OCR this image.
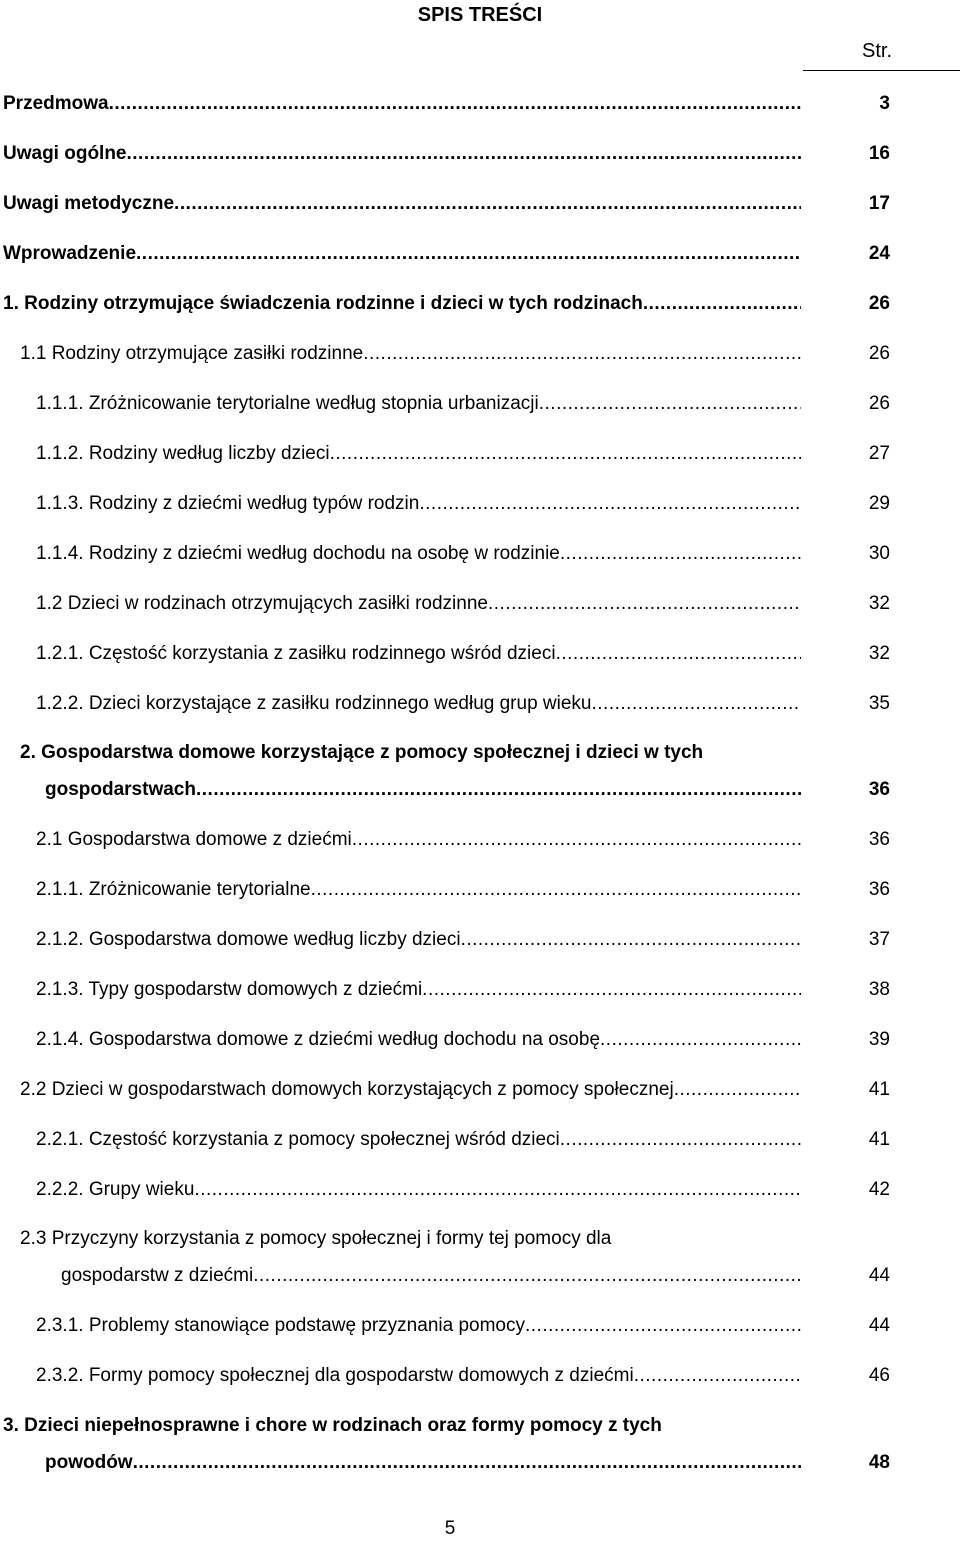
SPIS TREŚCI
Str.
Przedmowa .....	3
Uwagi ogólne .....	16
Uwagi metodyczne .....	17
Wprowadzenie .....	24
1. Rodziny otrzymujące świadczenia rodzinne i dzieci w tych rodzinach .....	26
1.1 Rodziny otrzymujące zasiłki rodzinne .....	26
1.1.1. Zróżnicowanie terytorialne według stopnia urbanizacji .....	26
1.1.2. Rodziny według liczby dzieci .....	27
1.1.3. Rodziny z dziećmi według typów rodzin .....	29
1.1.4. Rodziny z dziećmi według dochodu na osobę w rodzinie .....	30
1.2 Dzieci w rodzinach otrzymujących zasiłki rodzinne .....	32
1.2.1. Częstość korzystania z zasiłku rodzinnego wśród dzieci .....	32
1.2.2. Dzieci korzystające z zasiłku rodzinnego według grup wieku .....	35
2. Gospodarstwa domowe korzystające z pomocy społecznej i dzieci w tych
gospodarstwach .....	36
2.1 Gospodarstwa domowe z dziećmi .....	36
2.1.1. Zróżnicowanie terytorialne .....	36
2.1.2. Gospodarstwa domowe według liczby dzieci .....	37
2.1.3. Typy gospodarstw domowych z dziećmi .....	38
2.1.4. Gospodarstwa domowe z dziećmi według dochodu na osobę .....	39
2.2 Dzieci w gospodarstwach domowych korzystających z pomocy społecznej .....	41
2.2.1. Częstość korzystania z pomocy społecznej wśród dzieci .....	41
2.2.2. Grupy wieku .....	42
2.3 Przyczyny korzystania z pomocy społecznej i formy tej pomocy dla
gospodarstw z dziećmi .....	44
2.3.1. Problemy stanowiące podstawę przyznania pomocy .....	44
2.3.2. Formy pomocy społecznej dla gospodarstw domowych z dziećmi .....	46
3. Dzieci niepełnosprawne i chore w rodzinach oraz formy pomocy z tych
powodów .....	48
5
